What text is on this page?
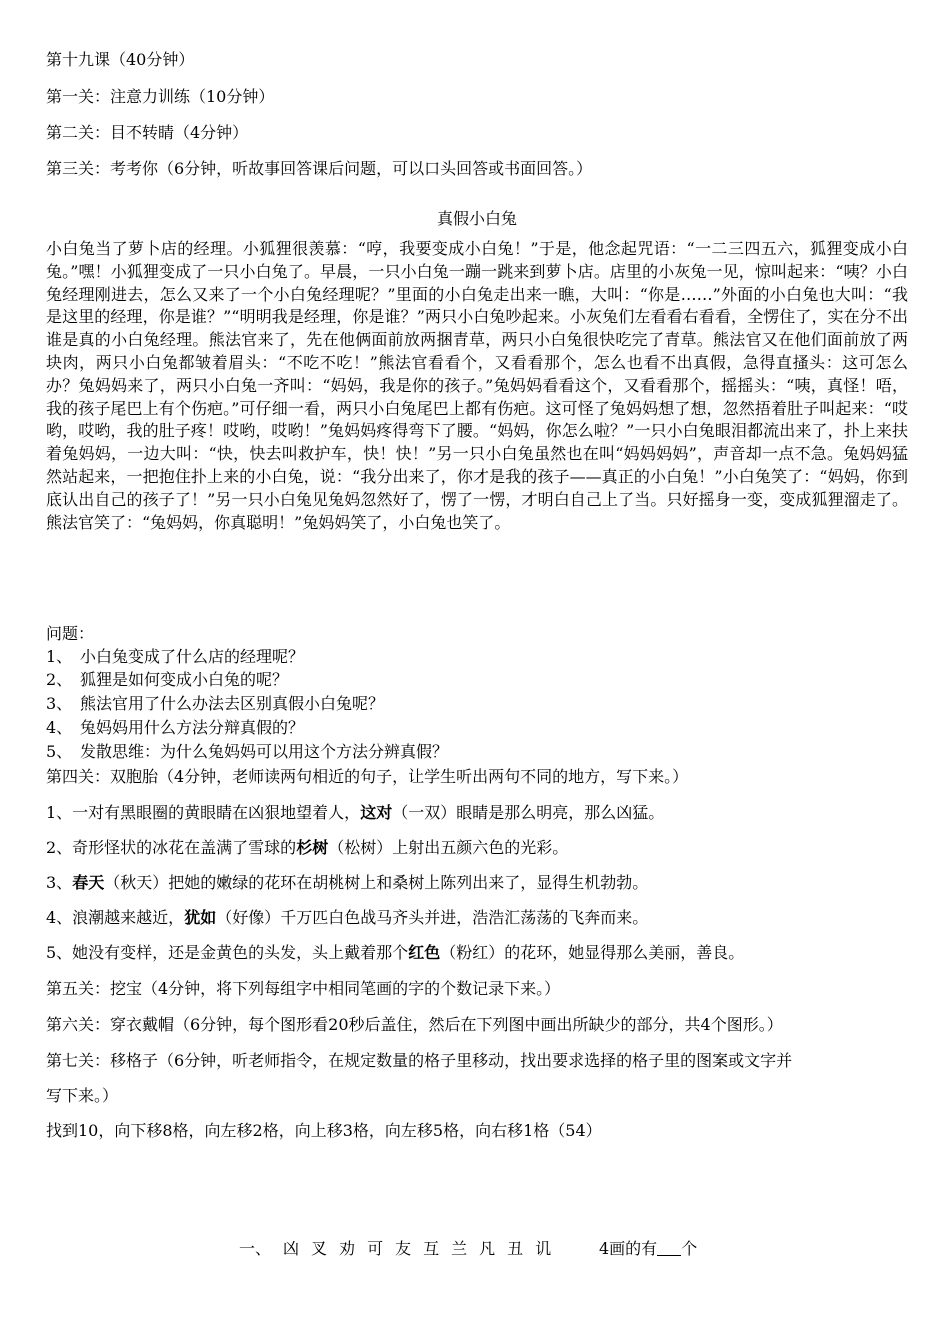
第十九课（40分钟）
第一关：注意力训练（10分钟）
第二关：目不转睛（4分钟）
第三关：考考你（6分钟，听故事回答课后问题，可以口头回答或书面回答。）
真假小白兔
小白兔当了萝卜店的经理。小狐狸很羡慕：“哼，我要变成小白兔！”于是，他念起咒语：“一二三四五六，狐狸变成小白兔。”嘿！小狐狸变成了一只小白兔了。早晨，一只小白兔一蹦一跳来到萝卜店。店里的小灰兔一见，惊叫起来：“咦？小白兔经理刚进去，怎么又来了一个小白兔经理呢？”里面的小白兔走出来一瞧，大叫：“你是……”外面的小白兔也大叫：“我是这里的经理，你是谁？”“明明我是经理，你是谁？”两只小白兔吵起来。小灰兔们左看看右看看，全愣住了，实在分不出谁是真的小白兔经理。熊法官来了，先在他俩面前放两捆青草，两只小白兔很快吃完了青草。熊法官又在他们面前放了两块肉，两只小白兔都皱着眉头：“不吃不吃！”熊法官看看个，又看看那个，怎么也看不出真假，急得直搔头：这可怎么办？兔妈妈来了，两只小白兔一齐叫：“妈妈，我是你的孩子。”兔妈妈看看这个，又看看那个，摇摇头：“咦，真怪！唔，我的孩子尾巴上有个伤疤。”可仔细一看，两只小白兔尾巴上都有伤疤。这可怪了兔妈妈想了想，忽然捂着肚子叫起来：“哎哟，哎哟，我的肚子疼！哎哟，哎哟！”兔妈妈疼得弯下了腰。“妈妈，你怎么啦？”一只小白兔眼泪都流出来了，扑上来扶着兔妈妈，一边大叫：“快，快去叫救护车，快！快！”另一只小白兔虽然也在叫“妈妈妈妈”，声音却一点不急。兔妈妈猛然站起来，一把抱住扑上来的小白兔，说：“我分出来了，你才是我的孩子——真正的小白兔！”小白兔笑了：“妈妈，你到底认出自己的孩子了！”另一只小白兔见兔妈忽然好了，愣了一愣，才明白自己上了当。只好摇身一变，变成狐狸溜走了。熊法官笑了：“兔妈妈，你真聪明！”兔妈妈笑了，小白兔也笑了。
问题：
1、 小白兔变成了什么店的经理呢？
2、 狐狸是如何变成小白兔的呢？
3、 熊法官用了什么办法去区别真假小白兔呢？
4、 兔妈妈用什么方法分辩真假的？
5、 发散思维：为什么兔妈妈可以用这个方法分辨真假？
第四关：双胞胎（4分钟，老师读两句相近的句子，让学生听出两句不同的地方，写下来。）
1、一对有黑眼圈的黄眼睛在凶狠地望着人，这对（一双）眼睛是那么明亮，那么凶猛。
2、奇形怪状的冰花在盖满了雪球的杉树（松树）上射出五颜六色的光彩。
3、春天（秋天）把她的嫩绿的花环在胡桃树上和桑树上陈列出来了，显得生机勃勃。
4、浪潮越来越近，犹如（好像）千万匹白色战马齐头并进，浩浩汇荡荡的飞奔而来。
5、她没有变样，还是金黄色的头发，头上戴着那个红色（粉红）的花环，她显得那么美丽，善良。
第五关：挖宝（4分钟，将下列每组字中相同笔画的字的个数记录下来。）
第六关：穿衣戴帽（6分钟，每个图形看20秒后盖住，然后在下列图中画出所缺少的部分，共4个图形。）
第七关：移格子（6分钟，听老师指令，在规定数量的格子里移动，找出要求选择的格子里的图案或文字并
写下来。）
找到10，向下移8格，向左移2格，向上移3格，向左移5格，向右移1格（54）
一、 凶 叉 劝 可 友 互 兰 凡 丑 讥	4画的有 个
